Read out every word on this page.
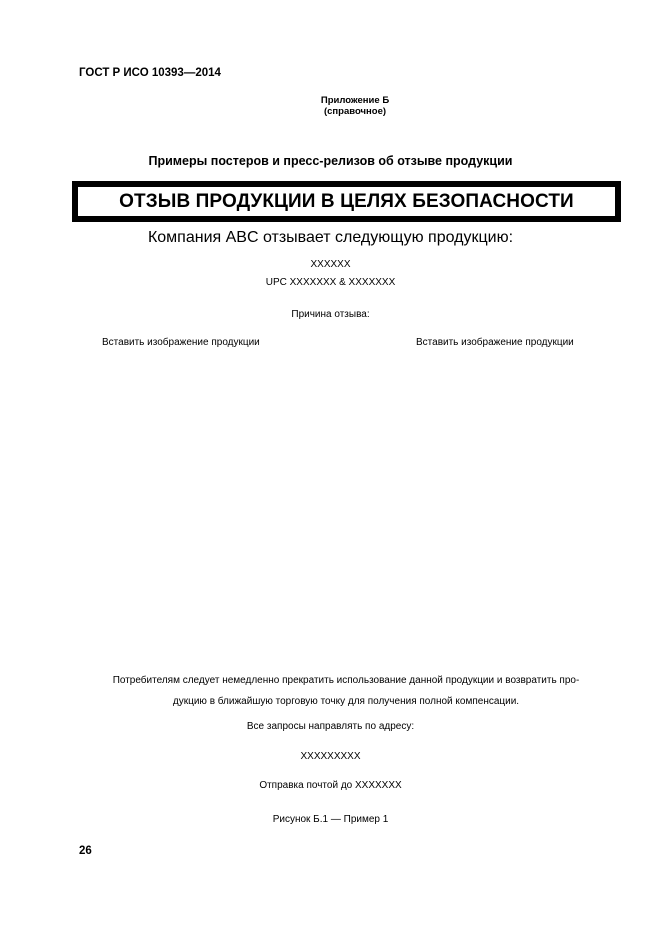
ГОСТ Р ИСО 10393—2014
Приложение Б
(справочное)
Примеры постеров и пресс-релизов об отзыве продукции
ОТЗЫВ ПРОДУКЦИИ В ЦЕЛЯХ БЕЗОПАСНОСТИ
Компания ABC отзывает следующую продукцию:
XXXXXX
UPC XXXXXXX & XXXXXXX
Причина отзыва:
Вставить изображение продукции	Вставить изображение продукции
Потребителям следует немедленно прекратить использование данной продукции и возвратить про-
дукцию в ближайшую торговую точку для получения полной компенсации.
Все запросы направлять по адресу:
XXXXXXXXX
Отправка почтой до XXXXXXX
Рисунок Б.1 — Пример 1
26
